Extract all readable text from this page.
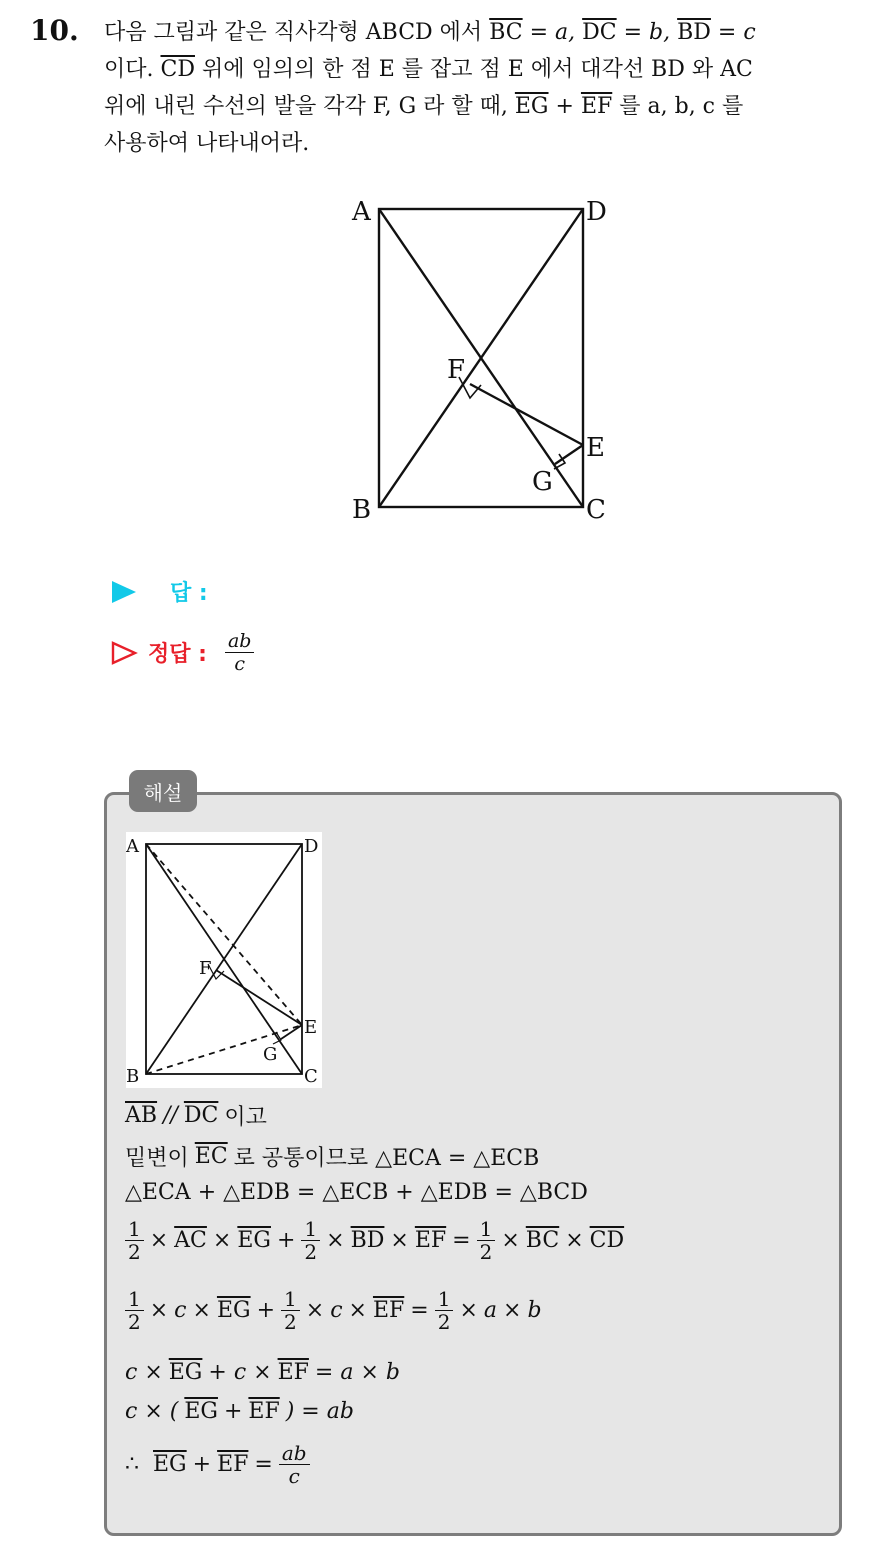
10. 다음 그림과 같은 직사각형 ABCD 에서 $\overline{BC} = a$, $\overline{DC} = b$, $\overline{BD} = c$
이다. $\overline{CD}$ 위에 임의의 한 점 E 를 잡고 점 E 에서 대각선 BD 와 AC
위에 내린 수선의 발을 각각 F, G 라 할 때, $\overline{EG} + \overline{EF}$ 를 a, b, c 를
사용하여 나타내어라.
A	D
B	C
E
F
G
답 :
정답 : $\frac{ab}{c}$
해설
A	D
B	C
E
F
G
$\overline{AB} // \overline{DC}$ 이고
밑변이 $\overline{EC}$ 로 공통이므로 △ECA = △ECB
△ECA + △EDB = △ECB + △EDB = △BCD
$\frac{1}{2} \times \overline{AC} \times \overline{EG} + \frac{1}{2} \times \overline{BD} \times \overline{EF} = \frac{1}{2} \times \overline{BC} \times \overline{CD}$
$\frac{1}{2} \times c \times \overline{EG} + \frac{1}{2} \times c \times \overline{EF} = \frac{1}{2} \times a \times b$
$c \times \overline{EG} + c \times \overline{EF} = a \times b$
c × ( $\overline{EG} + \overline{EF}$ ) = ab
∴ $\overline{EG} + \overline{EF} = \frac{ab}{c}$
